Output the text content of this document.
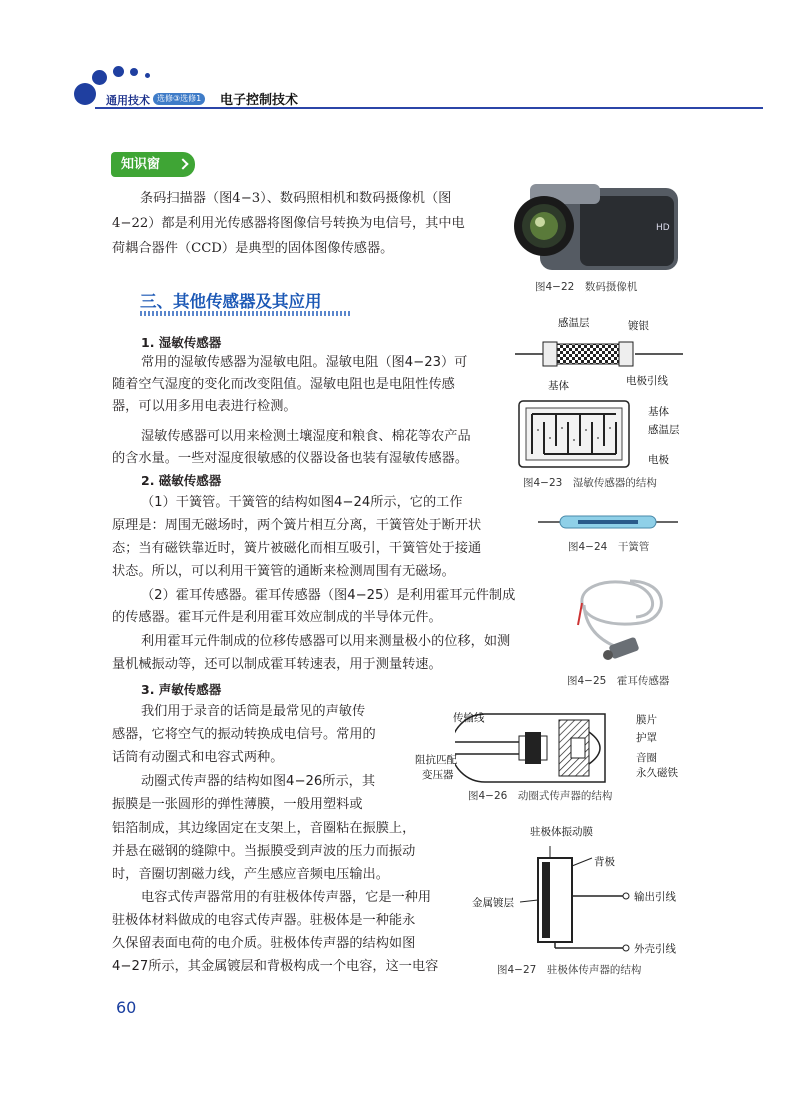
通用技术 选修③选修1	电子控制技术
知识窗
条码扫描器（图4−3）、数码照相机和数码摄像机（图
4−22）都是利用光传感器将图像信号转换为电信号，其中电
荷耦合器件（CCD）是典型的固体图像传感器。
HD
图4−22　数码摄像机
三、其他传感器及其应用
1. 湿敏传感器
常用的湿敏传感器为湿敏电阻。湿敏电阻（图4−23）可
随着空气湿度的变化而改变阻值。湿敏电阻也是电阻性传感
器，可以用多用电表进行检测。
湿敏传感器可以用来检测土壤湿度和粮食、棉花等农产品
的含水量。一些对湿度很敏感的仪器设备也装有湿敏传感器。
感温层	镀银
基体	电极引线
基体
感温层
电极
图4−23　湿敏传感器的结构
2. 磁敏传感器
（1）干簧管。干簧管的结构如图4−24所示，它的工作
原理是：周围无磁场时，两个簧片相互分离，干簧管处于断开状
态；当有磁铁靠近时，簧片被磁化而相互吸引，干簧管处于接通
状态。所以，可以利用干簧管的通断来检测周围有无磁场。
（2）霍耳传感器。霍耳传感器（图4−25）是利用霍耳元件制成
的传感器。霍耳元件是利用霍耳效应制成的半导体元件。
利用霍耳元件制成的位移传感器可以用来测量极小的位移，如测
量机械振动等，还可以制成霍耳转速表，用于测量转速。
图4−24　干簧管
图4−25　霍耳传感器
3. 声敏传感器
我们用于录音的话筒是最常见的声敏传
感器，它将空气的振动转换成电信号。常用的
话筒有动圈式和电容式两种。
动圈式传声器的结构如图4−26所示，其
振膜是一张圆形的弹性薄膜，一般用塑料或
铝箔制成，其边缘固定在支架上，音圈粘在振膜上，
并悬在磁钢的缝隙中。当振膜受到声波的压力而振动
时，音圈切割磁力线，产生感应音频电压输出。
电容式传声器常用的有驻极体传声器，它是一种用
驻极体材料做成的电容式传声器。驻极体是一种能永
久保留表面电荷的电介质。驻极体传声器的结构如图
4−27所示，其金属镀层和背极构成一个电容，这一电容
传输线	膜片
护罩
音圈
永久磁铁
阻抗匹配
变压器
图4−26　动圈式传声器的结构
驻极体振动膜
背极
金属镀层	输出引线
外壳引线
图4−27　驻极体传声器的结构
60
